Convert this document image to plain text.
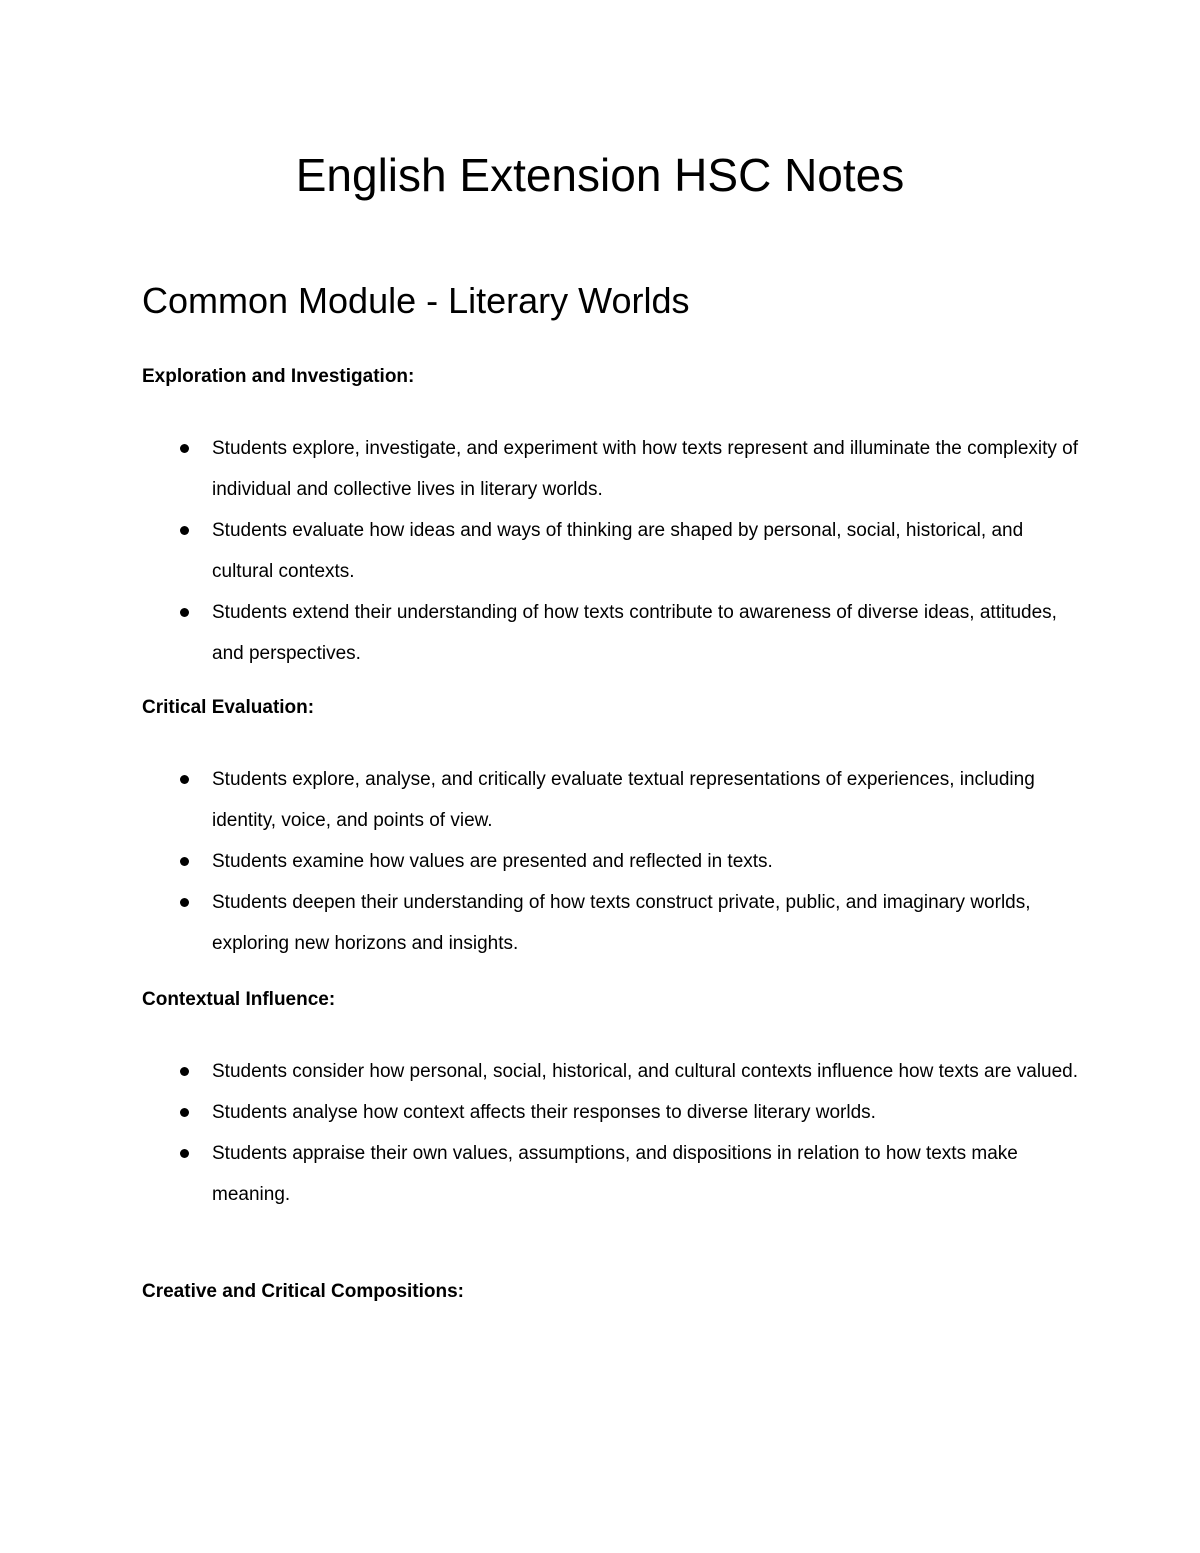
English Extension HSC Notes
Common Module - Literary Worlds
Exploration and Investigation:
Students explore, investigate, and experiment with how texts represent and illuminate the complexity of individual and collective lives in literary worlds.
Students evaluate how ideas and ways of thinking are shaped by personal, social, historical, and cultural contexts.
Students extend their understanding of how texts contribute to awareness of diverse ideas, attitudes, and perspectives.
Critical Evaluation:
Students explore, analyse, and critically evaluate textual representations of experiences, including identity, voice, and points of view.
Students examine how values are presented and reflected in texts.
Students deepen their understanding of how texts construct private, public, and imaginary worlds, exploring new horizons and insights.
Contextual Influence:
Students consider how personal, social, historical, and cultural contexts influence how texts are valued.
Students analyse how context affects their responses to diverse literary worlds.
Students appraise their own values, assumptions, and dispositions in relation to how texts make meaning.
Creative and Critical Compositions:
